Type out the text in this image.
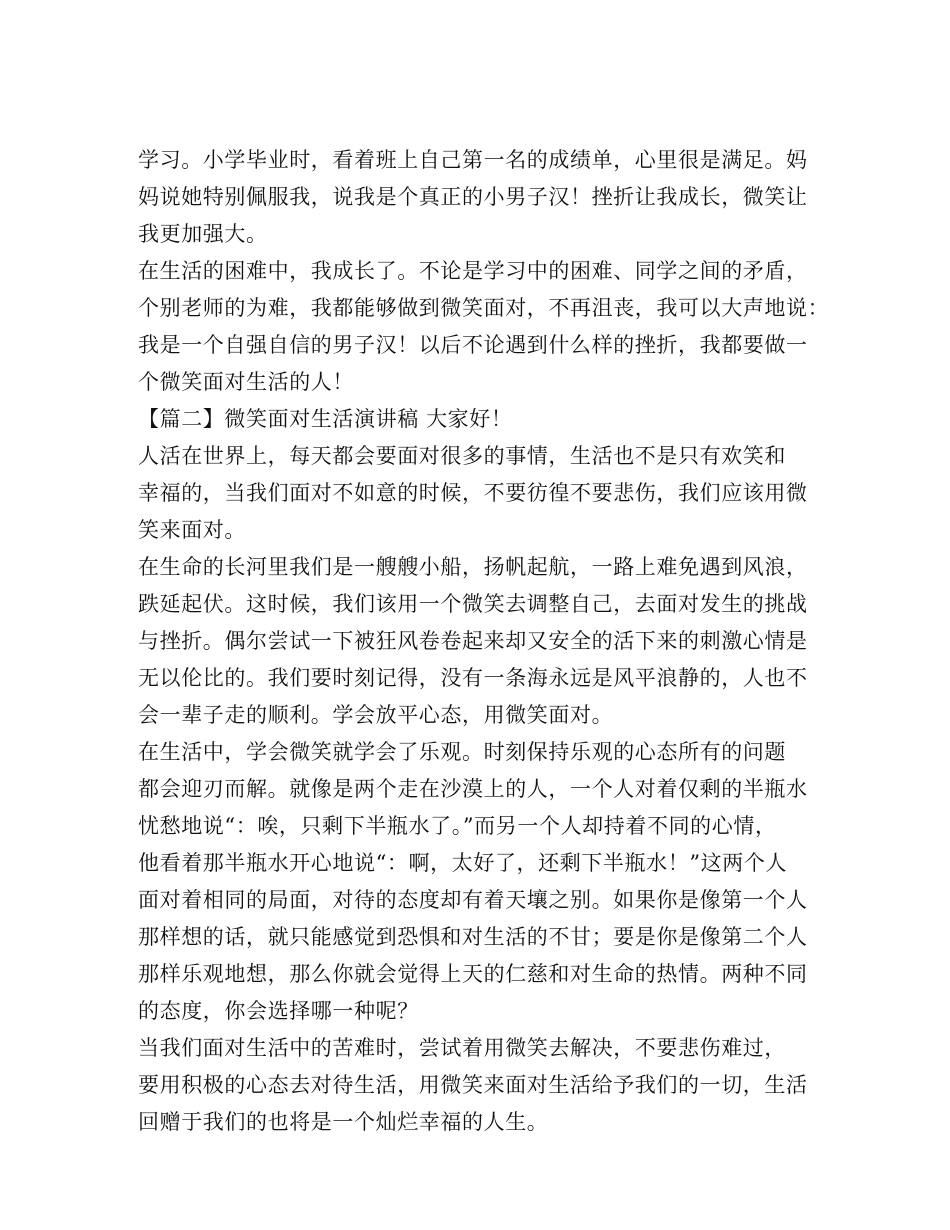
学习。小学毕业时，看着班上自己第一名的成绩单，心里很是满足。妈
妈说她特别佩服我，说我是个真正的小男子汉！挫折让我成长，微笑让
我更加强大。
在生活的困难中，我成长了。不论是学习中的困难、同学之间的矛盾，
个别老师的为难，我都能够做到微笑面对，不再沮丧，我可以大声地说：
我是一个自强自信的男子汉！以后不论遇到什么样的挫折，我都要做一
个微笑面对生活的人！
【篇二】微笑面对生活演讲稿 大家好！
人活在世界上，每天都会要面对很多的事情，生活也不是只有欢笑和
幸福的，当我们面对不如意的时候，不要彷徨不要悲伤，我们应该用微
笑来面对。
在生命的长河里我们是一艘艘小船，扬帆起航，一路上难免遇到风浪，
跌延起伏。这时候，我们该用一个微笑去调整自己，去面对发生的挑战
与挫折。偶尔尝试一下被狂风卷卷起来却又安全的活下来的刺激心情是
无以伦比的。我们要时刻记得，没有一条海永远是风平浪静的，人也不
会一辈子走的顺利。学会放平心态，用微笑面对。
在生活中，学会微笑就学会了乐观。时刻保持乐观的心态所有的问题
都会迎刃而解。就像是两个走在沙漠上的人，一个人对着仅剩的半瓶水
忧愁地说“：唉，只剩下半瓶水了。”而另一个人却持着不同的心情，
他看着那半瓶水开心地说“：啊，太好了，还剩下半瓶水！”这两个人
面对着相同的局面，对待的态度却有着天壤之别。如果你是像第一个人
那样想的话，就只能感觉到恐惧和对生活的不甘；要是你是像第二个人
那样乐观地想，那么你就会觉得上天的仁慈和对生命的热情。两种不同
的态度，你会选择哪一种呢？
当我们面对生活中的苦难时，尝试着用微笑去解决，不要悲伤难过，
要用积极的心态去对待生活，用微笑来面对生活给予我们的一切，生活
回赠于我们的也将是一个灿烂幸福的人生。
